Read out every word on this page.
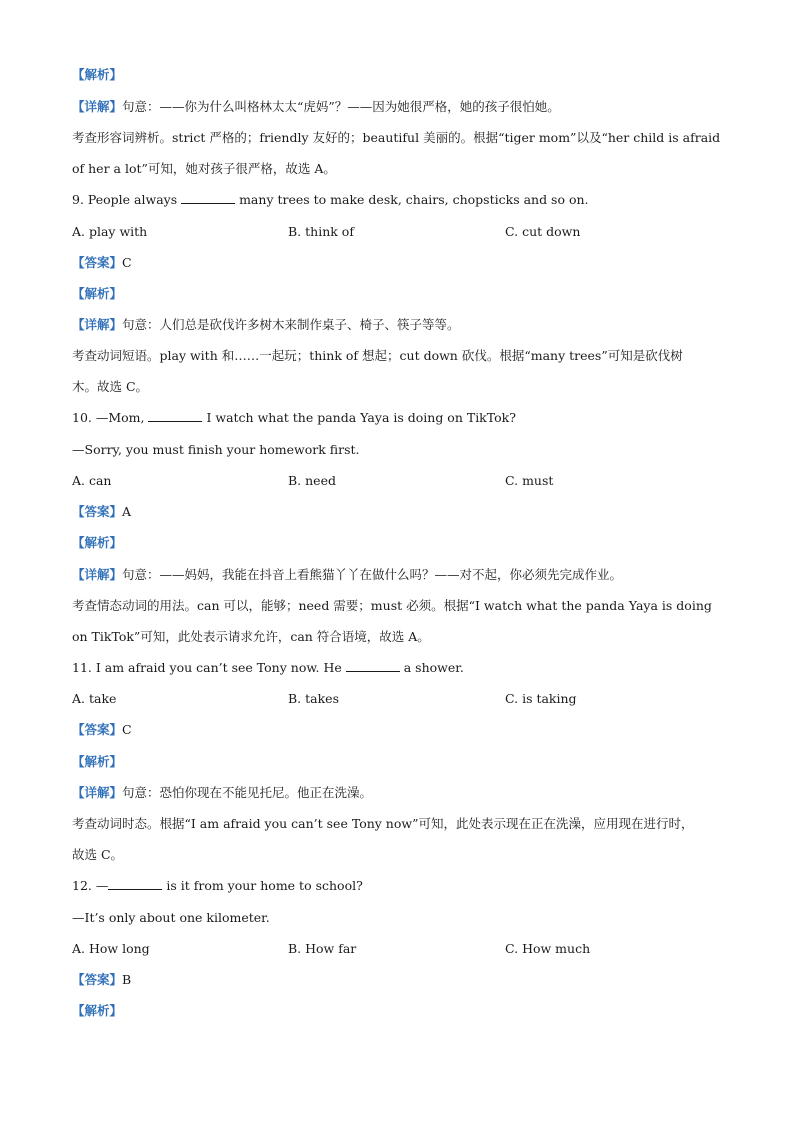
【解析】
【详解】句意：——你为什么叫格林太太“虎妈”？——因为她很严格，她的孩子很怕她。
考查形容词辨析。strict 严格的；friendly 友好的；beautiful 美丽的。根据“tiger mom”以及“her child is afraid
of her a lot”可知，她对孩子很严格，故选 A。
9. People always	many trees to make desk, chairs, chopsticks and so on.
A. play with	B. think of	C. cut down
【答案】C
【解析】
【详解】句意：人们总是砍伐许多树木来制作桌子、椅子、筷子等等。
考查动词短语。play with 和……一起玩；think of 想起；cut down 砍伐。根据“many trees”可知是砍伐树
木。故选 C。
10. —Mom,	I watch what the panda Yaya is doing on TikTok?
—Sorry, you must finish your homework first.
A. can	B. need	C. must
【答案】A
【解析】
【详解】句意：——妈妈，我能在抖音上看熊猫丫丫在做什么吗？——对不起，你必须先完成作业。
考查情态动词的用法。can 可以，能够；need 需要；must 必须。根据“I watch what the panda Yaya is doing
on TikTok”可知，此处表示请求允许，can 符合语境，故选 A。
11. I am afraid you can’t see Tony now. He	a shower.
A. take	B. takes	C. is taking
【答案】C
【解析】
【详解】句意：恐怕你现在不能见托尼。他正在洗澡。
考查动词时态。根据“I am afraid you can’t see Tony now”可知，此处表示现在正在洗澡，应用现在进行时，
故选 C。
12. —	is it from your home to school?
—It’s only about one kilometer.
A. How long	B. How far	C. How much
【答案】B
【解析】
